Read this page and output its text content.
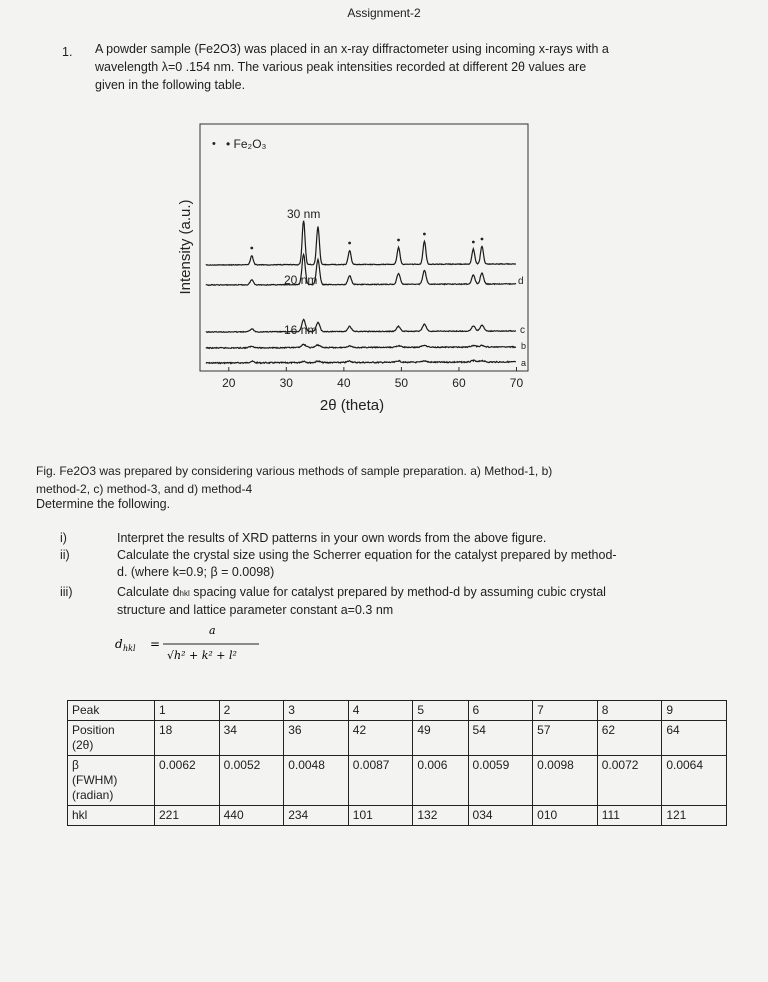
Assignment-2
1. A powder sample (Fe2O3) was placed in an x-ray diffractometer using incoming x-rays with a
wavelength λ=0 .154 nm. The various peak intensities recorded at different 2θ values are
given in the following table.
• • Fe₂O₃
30 nm
20 nm
16 nm
d
c
b
a
20	30	40	50	60	70
2θ (theta)
Intensity (a.u.)
Fig. Fe2O3 was prepared by considering various methods of sample preparation. a) Method-1, b)
method-2, c) method-3, and d) method-4
Determine the following.
i)	Interpret the results of XRD patterns in your own words from the above figure.
ii)	Calculate the crystal size using the Scherrer equation for the catalyst prepared by method-
d. (where k=0.9; β = 0.0098)
iii)	Calculate dhkl spacing value for catalyst prepared by method-d by assuming cubic crystal
structure and lattice parameter constant a=0.3 nm
d hkl =
a
√h² + k² + l²
Peak	1	2	3	4	5	6	7	8	9

Position
(2θ)	18	34	36	42	49	54	57	62	64

β
(FWHM)
(radian)	0.0062	0.0052	0.0048	0.0087	0.006	0.0059	0.0098	0.0072	0.0064

hkl	221	440	234	101	132	034	010	111	121
